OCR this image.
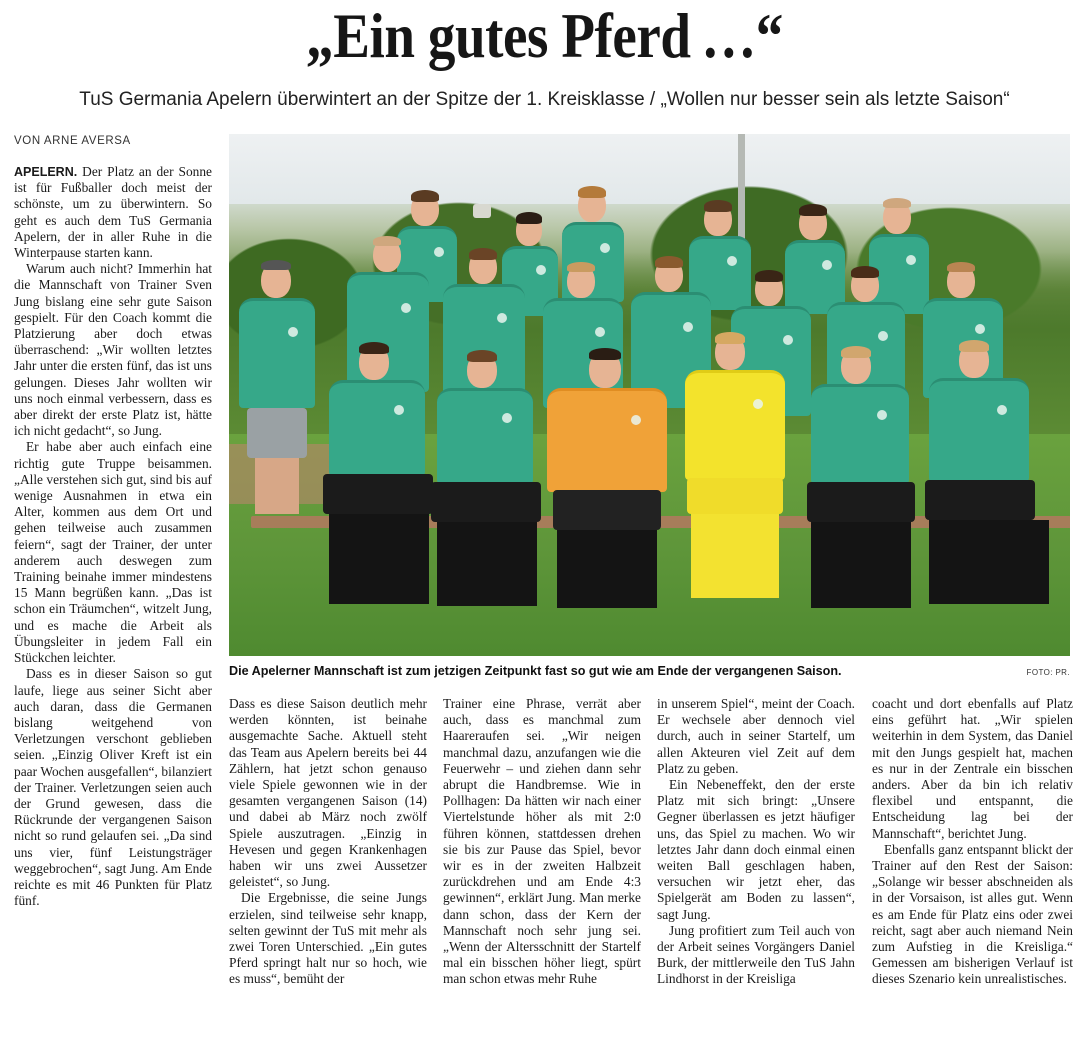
„Ein gutes Pferd …“
TuS Germania Apelern überwintert an der Spitze der 1. Kreisklasse / „Wollen nur besser sein als letzte Saison“
VON ARNE AVERSA

APELERN. Der Platz an der Sonne ist für Fußballer doch meist der schönste, um zu überwintern. So geht es auch dem TuS Germania Apelern, der in aller Ruhe in die Winterpause starten kann.

Warum auch nicht? Immerhin hat die Mannschaft von Trainer Sven Jung bislang eine sehr gute Saison gespielt. Für den Coach kommt die Platzierung aber doch etwas überraschend: „Wir wollten letztes Jahr unter die ersten fünf, das ist uns gelungen. Dieses Jahr wollten wir uns noch einmal verbessern, dass es aber direkt der erste Platz ist, hätte ich nicht gedacht“, so Jung.

Er habe aber auch einfach eine richtig gute Truppe beisammen. „Alle verstehen sich gut, sind bis auf wenige Ausnahmen in etwa ein Alter, kommen aus dem Ort und gehen teilweise auch zusammen feiern“, sagt der Trainer, der unter anderem auch deswegen zum Training beinahe immer mindestens 15 Mann begrüßen kann. „Das ist schon ein Träumchen“, witzelt Jung, und es mache die Arbeit als Übungsleiter in jedem Fall ein Stückchen leichter.

Dass es in dieser Saison so gut laufe, liege aus seiner Sicht aber auch daran, dass die Germanen bislang weitgehend von Verletzungen verschont geblieben seien. „Einzig Oliver Kreft ist ein paar Wochen ausgefallen“, bilanziert der Trainer. Verletzungen seien auch der Grund gewesen, dass die Rückrunde der vergangenen Saison nicht so rund gelaufen sei. „Da sind uns vier, fünf Leistungsträger weggebrochen“, sagt Jung. Am Ende reichte es mit 46 Punkten für Platz fünf.

Die Apelerner Mannschaft ist zum jetzigen Zeitpunkt fast so gut wie am Ende der vergangenen Saison.	FOTO: PR.

Dass es diese Saison deutlich mehr werden könnten, ist beinahe ausgemachte Sache. Aktuell steht das Team aus Apelern bereits bei 44 Zählern, hat jetzt schon genauso viele Spiele gewonnen wie in der gesamten vergangenen Saison (14) und dabei ab März noch zwölf Spiele auszutragen. „Einzig in Hevesen und gegen Krankenhagen haben wir uns zwei Aussetzer geleistet“, so Jung.

Die Ergebnisse, die seine Jungs erzielen, sind teilweise sehr knapp, selten gewinnt der TuS mit mehr als zwei Toren Unterschied. „Ein gutes Pferd springt halt nur so hoch, wie es muss“, bemüht der

Trainer eine Phrase, verrät aber auch, dass es manchmal zum Haareraufen sei. „Wir neigen manchmal dazu, anzufangen wie die Feuerwehr – und ziehen dann sehr abrupt die Handbremse. Wie in Pollhagen: Da hätten wir nach einer Viertelstunde höher als mit 2:0 führen können, stattdessen drehen sie bis zur Pause das Spiel, bevor wir es in der zweiten Halbzeit zurückdrehen und am Ende 4:3 gewinnen“, erklärt Jung. Man merke dann schon, dass der Kern der Mannschaft noch sehr jung sei. „Wenn der Altersschnitt der Startelf mal ein bisschen höher liegt, spürt man schon etwas mehr Ruhe

in unserem Spiel“, meint der Coach. Er wechsele aber dennoch viel durch, auch in seiner Startelf, um allen Akteuren viel Zeit auf dem Platz zu geben.

Ein Nebeneffekt, den der erste Platz mit sich bringt: „Unsere Gegner überlassen es jetzt häufiger uns, das Spiel zu machen. Wo wir letztes Jahr dann doch einmal einen weiten Ball geschlagen haben, versuchen wir jetzt eher, das Spielgerät am Boden zu lassen“, sagt Jung.

Jung profitiert zum Teil auch von der Arbeit seines Vorgängers Daniel Burk, der mittlerweile den TuS Jahn Lindhorst in der Kreisliga

coacht und dort ebenfalls auf Platz eins geführt hat. „Wir spielen weiterhin in dem System, das Daniel mit den Jungs gespielt hat, machen es nur in der Zentrale ein bisschen anders. Aber da bin ich relativ flexibel und entspannt, die Entscheidung lag bei der Mannschaft“, berichtet Jung.

Ebenfalls ganz entspannt blickt der Trainer auf den Rest der Saison: „Solange wir besser abschneiden als in der Vorsaison, ist alles gut. Wenn es am Ende für Platz eins oder zwei reicht, sagt aber auch niemand Nein zum Aufstieg in die Kreisliga.“ Gemessen am bisherigen Verlauf ist dieses Szenario kein unrealistisches.
